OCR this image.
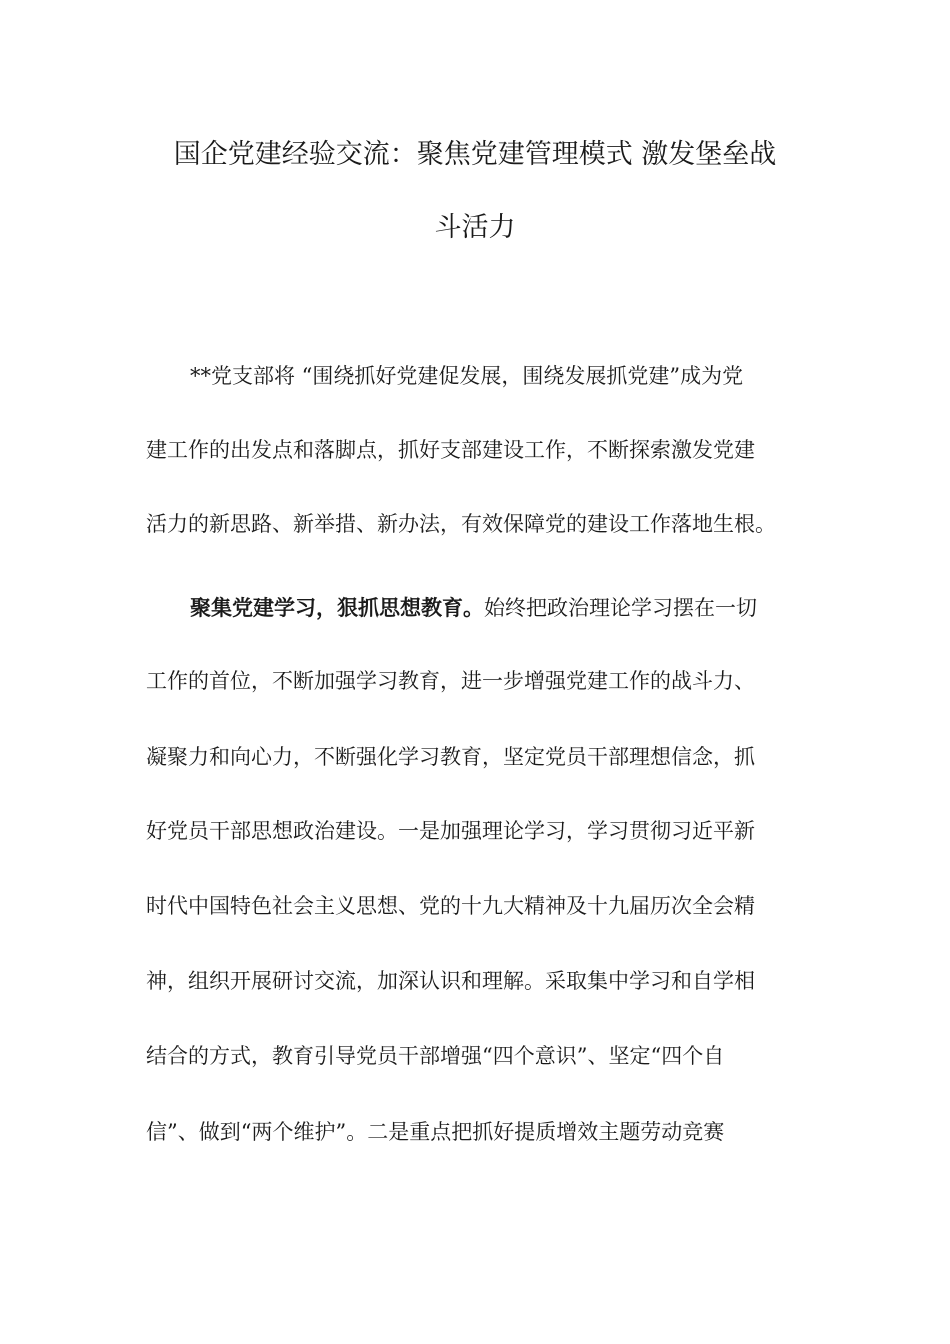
国企党建经验交流：聚焦党建管理模式 激发堡垒战
斗活力

**党支部将 “围绕抓好党建促发展，围绕发展抓党建”成为党

建工作的出发点和落脚点，抓好支部建设工作，不断探索激发党建

活力的新思路、新举措、新办法，有效保障党的建设工作落地生根。

聚集党建学习，狠抓思想教育。始终把政治理论学习摆在一切

工作的首位，不断加强学习教育，进一步增强党建工作的战斗力、

凝聚力和向心力，不断强化学习教育，坚定党员干部理想信念，抓

好党员干部思想政治建设。一是加强理论学习，学习贯彻习近平新

时代中国特色社会主义思想、党的十九大精神及十九届历次全会精

神，组织开展研讨交流，加深认识和理解。采取集中学习和自学相

结合的方式，教育引导党员干部增强“四个意识”、坚定“四个自

信”、做到“两个维护”。二是重点把抓好提质增效主题劳动竞赛
